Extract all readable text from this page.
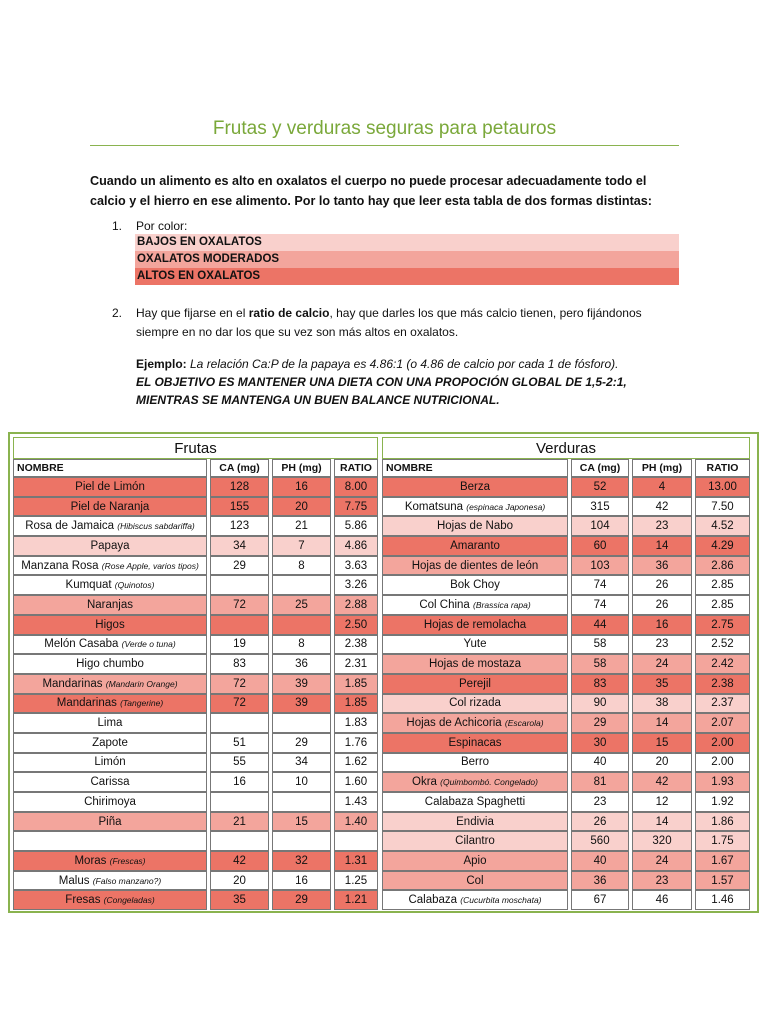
Frutas y verduras seguras para petauros
Cuando un alimento es alto en oxalatos el cuerpo no puede procesar adecuadamente todo el calcio y el hierro en ese alimento. Por lo tanto hay que leer esta tabla de dos formas distintas:
1. Por color:
BAJOS EN OXALATOS
OXALATOS MODERADOS
ALTOS EN OXALATOS
2. Hay que fijarse en el ratio de calcio, hay que darles los que más calcio tienen, pero fijándonos siempre en no dar los que su vez son más altos en oxalatos.
Ejemplo: La relación Ca:P de la papaya es 4.86:1 (o 4.86 de calcio por cada 1 de fósforo).
EL OBJETIVO ES MANTENER UNA DIETA CON UNA PROPOCIÓN GLOBAL DE 1,5-2:1, MIENTRAS SE MANTENGA UN BUEN BALANCE NUTRICIONAL.
Frutas			
NOMBRE	CA (mg)	PH (mg)	RATIO
Piel de Limón	128	16	8.00
Piel de Naranja	155	20	7.75
Rosa de Jamaica (Hibiscus sabdariffa)	123	21	5.86
Papaya	34	7	4.86
Manzana Rosa (Rose Apple, varios tipos)	29	8	3.63
Kumquat (Quinotos)			3.26
Naranjas	72	25	2.88
Higos			2.50
Melón Casaba (Verde o tuna)	19	8	2.38
Higo chumbo	83	36	2.31
Mandarinas (Mandarin Orange)	72	39	1.85
Mandarinas (Tangerine)	72	39	1.85
Lima			1.83
Zapote	51	29	1.76
Limón	55	34	1.62
Carissa	16	10	1.60
Chirimoya			1.43
Piña	21	15	1.40

Moras (Frescas)	42	32	1.31
Malus (Falso manzano?)	20	16	1.25
Fresas (Congeladas)	35	29	1.21
Verduras			
NOMBRE	CA (mg)	PH (mg)	RATIO
Berza	52	4	13.00
Komatsuna (espinaca Japonesa)	315	42	7.50
Hojas de Nabo	104	23	4.52
Amaranto	60	14	4.29
Hojas de dientes de león	103	36	2.86
Bok Choy	74	26	2.85
Col China (Brassica rapa)	74	26	2.85
Hojas de remolacha	44	16	2.75
Yute	58	23	2.52
Hojas de mostaza	58	24	2.42
Perejil	83	35	2.38
Col rizada	90	38	2.37
Hojas de Achicoria (Escarola)	29	14	2.07
Espinacas	30	15	2.00
Berro	40	20	2.00
Okra (Quimbombó. Congelado)	81	42	1.93
Calabaza Spaghetti	23	12	1.92
Endivia	26	14	1.86
Cilantro	560	320	1.75
Apio	40	24	1.67
Col	36	23	1.57
Calabaza (Cucurbita moschata)	67	46	1.46
